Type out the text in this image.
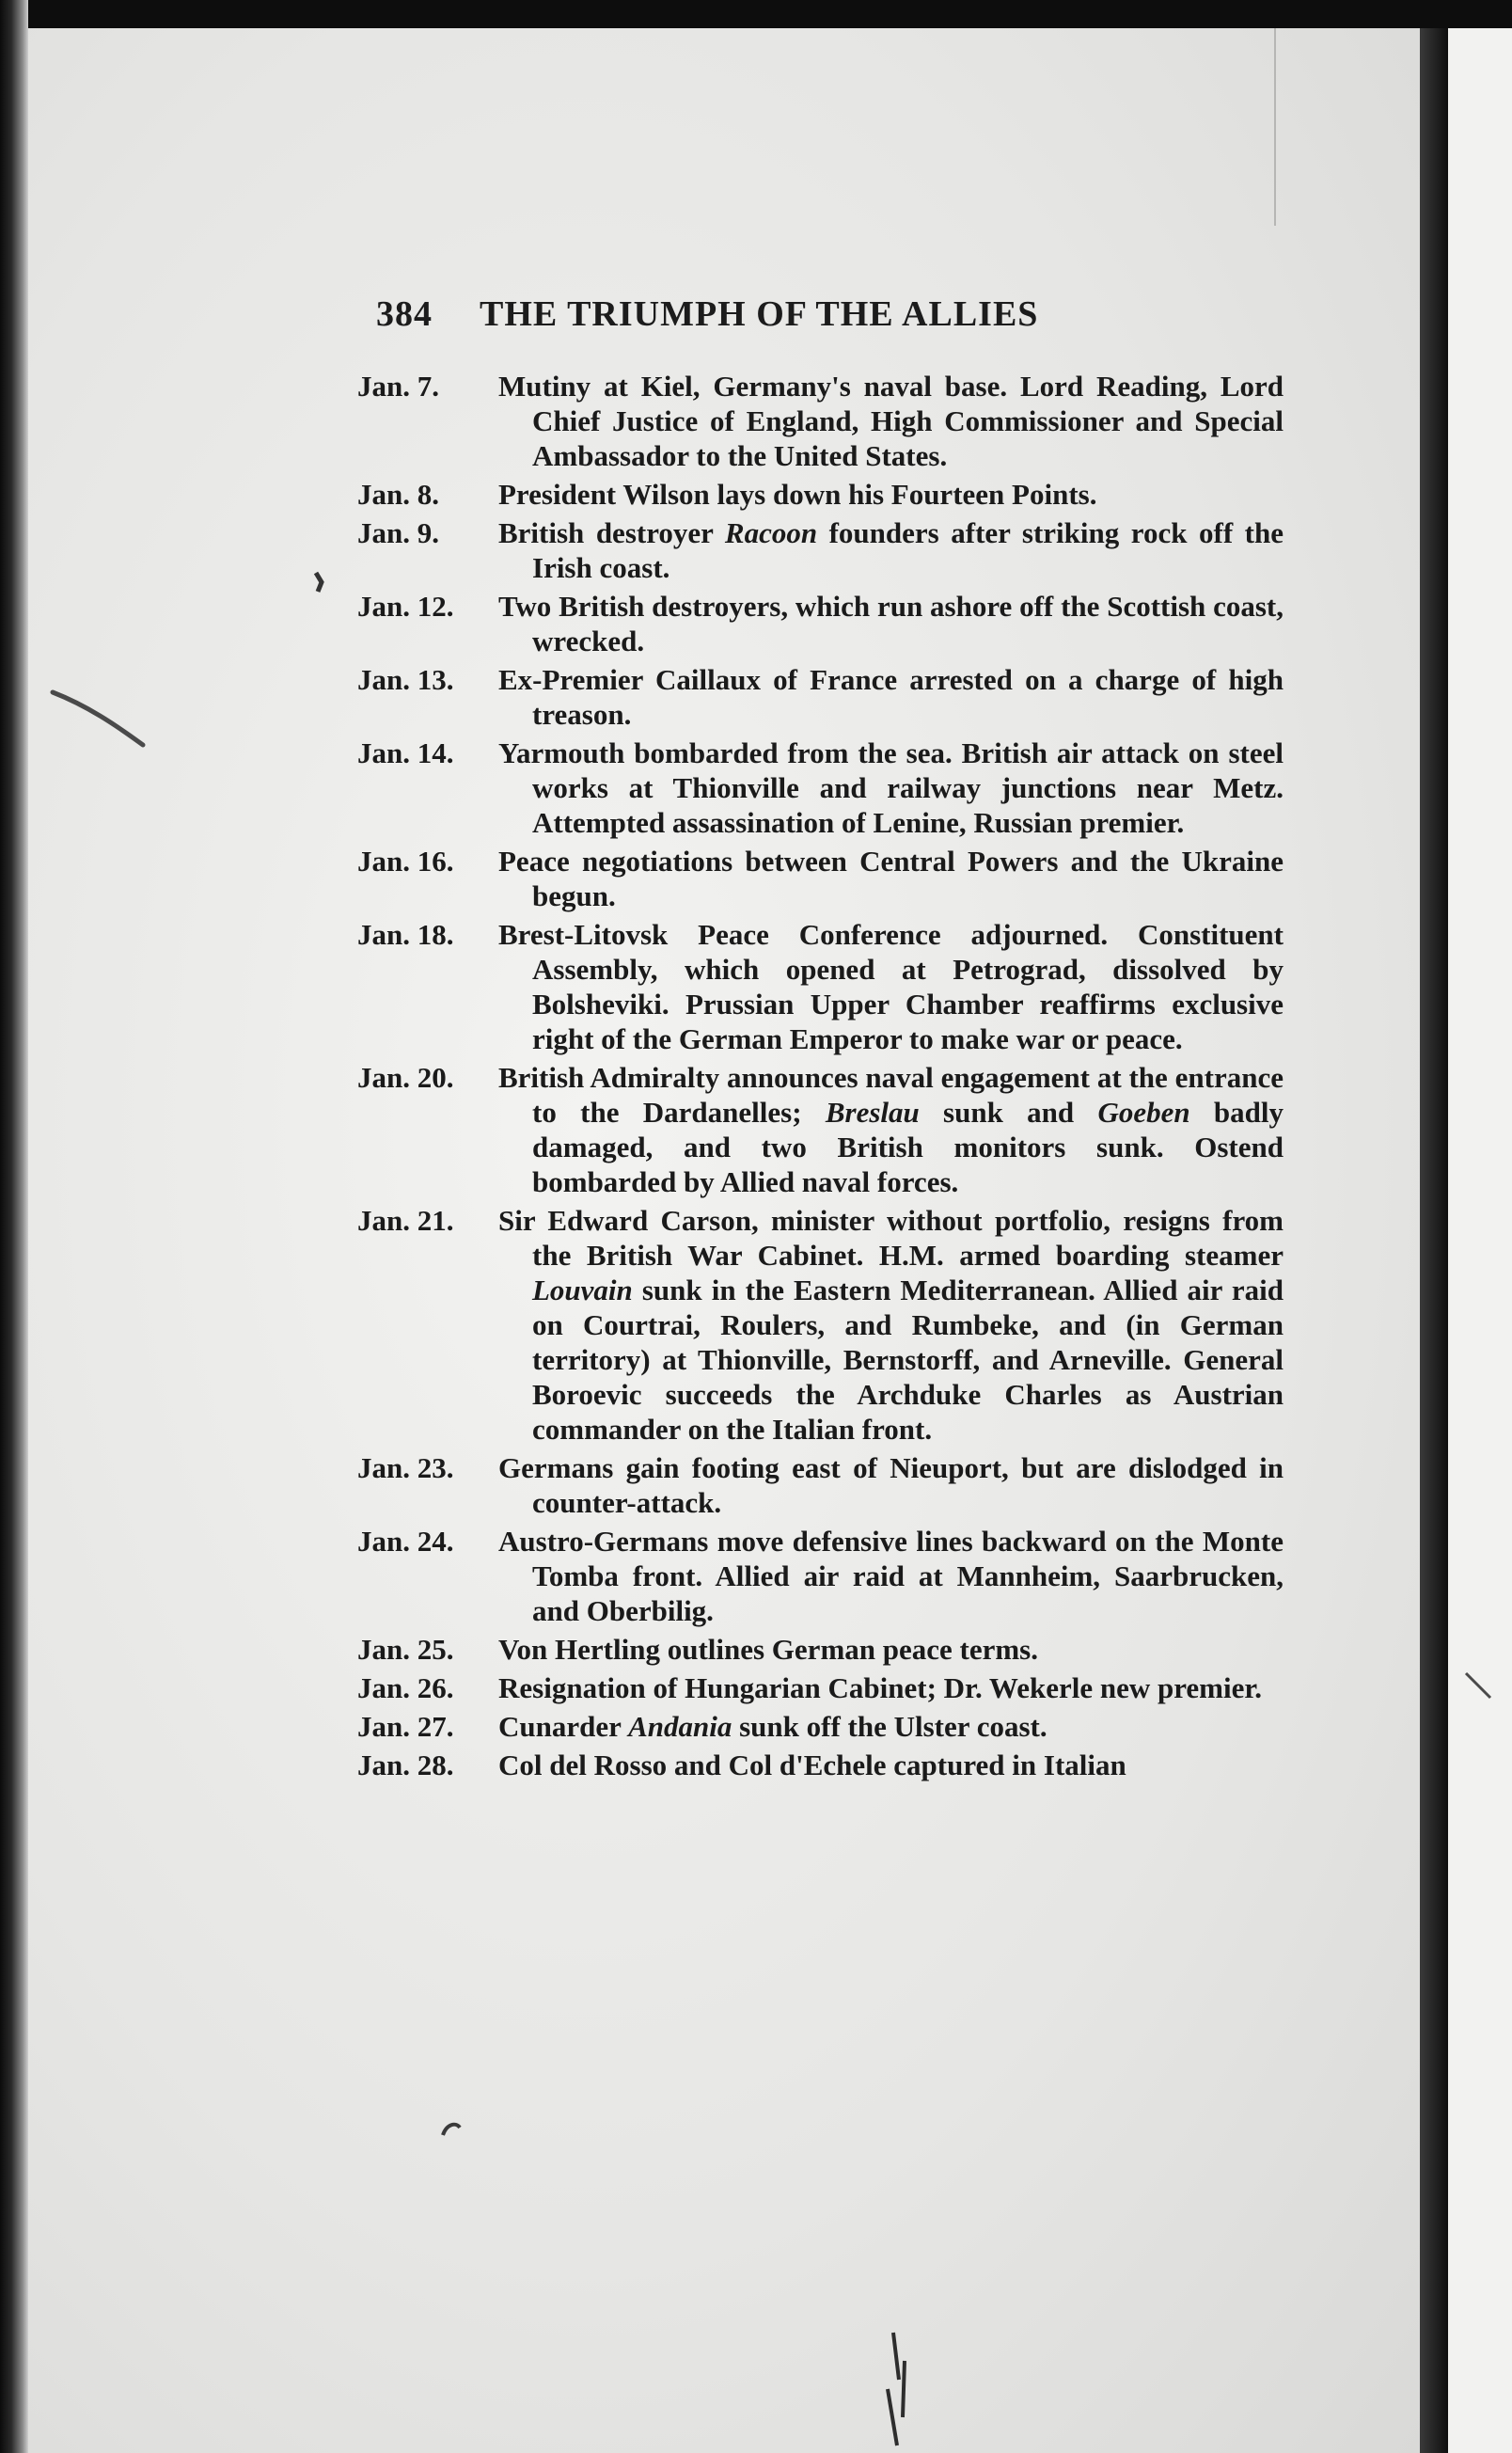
384 THE TRIUMPH OF THE ALLIES
Jan. 7.	Mutiny at Kiel, Germany's naval base. Lord Reading, Lord Chief Justice of England, High Commissioner and Special Ambassador to the United States.
Jan. 8.	President Wilson lays down his Fourteen Points.
Jan. 9.	British destroyer Racoon founders after striking rock off the Irish coast.
Jan. 12.	Two British destroyers, which run ashore off the Scottish coast, wrecked.
Jan. 13.	Ex-Premier Caillaux of France arrested on a charge of high treason.
Jan. 14.	Yarmouth bombarded from the sea. British air attack on steel works at Thionville and railway junctions near Metz. Attempted assassination of Lenine, Russian premier.
Jan. 16.	Peace negotiations between Central Powers and the Ukraine begun.
Jan. 18.	Brest-Litovsk Peace Conference adjourned. Constituent Assembly, which opened at Petrograd, dissolved by Bolsheviki. Prussian Upper Chamber reaffirms exclusive right of the German Emperor to make war or peace.
Jan. 20.	British Admiralty announces naval engagement at the entrance to the Dardanelles; Breslau sunk and Goeben badly damaged, and two British monitors sunk. Ostend bombarded by Allied naval forces.
Jan. 21.	Sir Edward Carson, minister without portfolio, resigns from the British War Cabinet. H.M. armed boarding steamer Louvain sunk in the Eastern Mediterranean. Allied air raid on Courtrai, Roulers, and Rumbeke, and (in German territory) at Thionville, Bernstorff, and Arneville. General Boroevic succeeds the Archduke Charles as Austrian commander on the Italian front.
Jan. 23.	Germans gain footing east of Nieuport, but are dislodged in counter-attack.
Jan. 24.	Austro-Germans move defensive lines backward on the Monte Tomba front. Allied air raid at Mannheim, Saarbrucken, and Oberbilig.
Jan. 25.	Von Hertling outlines German peace terms.
Jan. 26.	Resignation of Hungarian Cabinet; Dr. Wekerle new premier.
Jan. 27.	Cunarder Andania sunk off the Ulster coast.
Jan. 28.	Col del Rosso and Col d'Echele captured in Italian
